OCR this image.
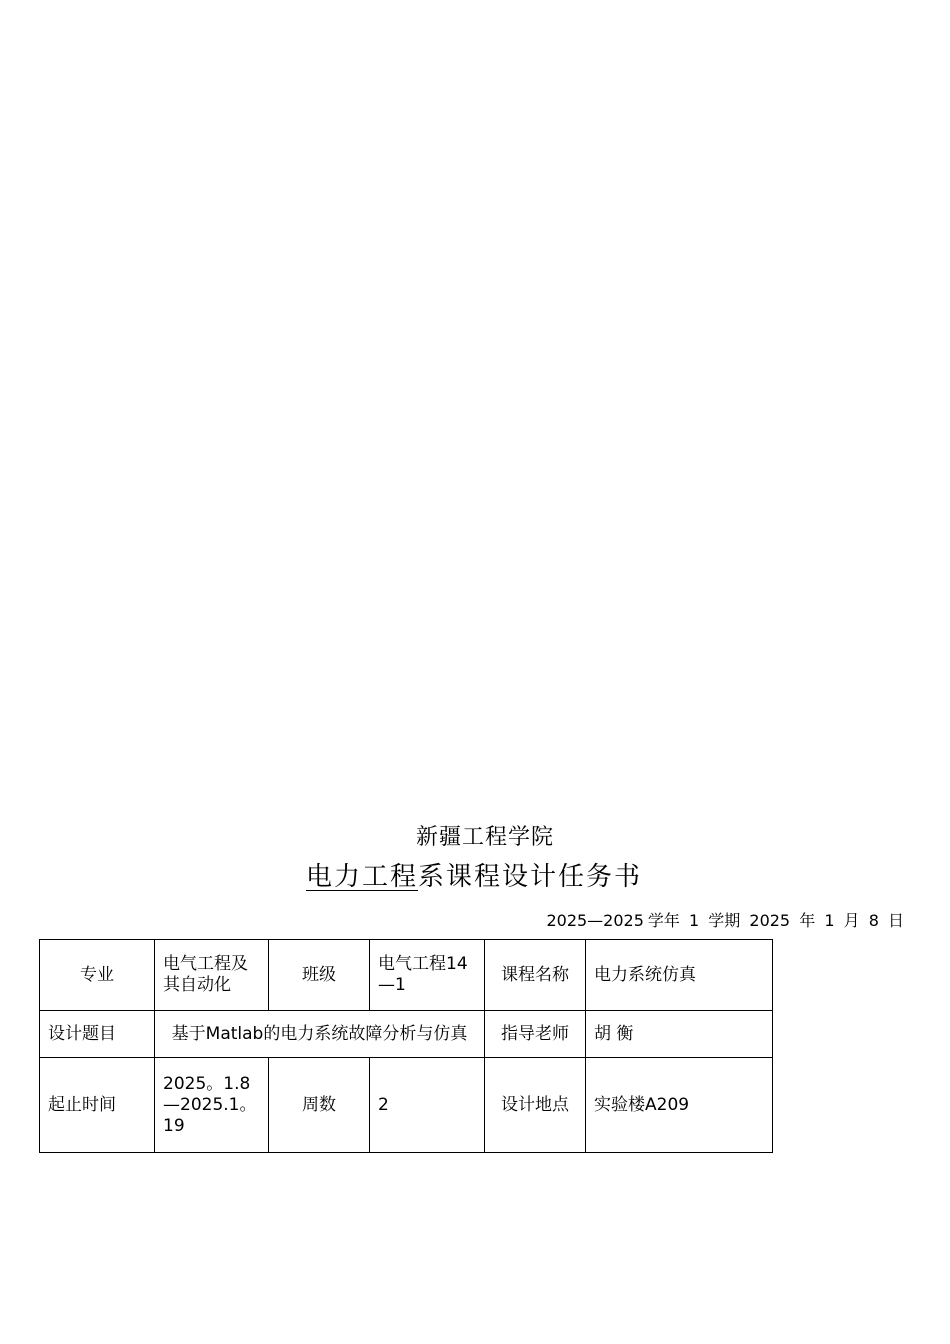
新疆工程学院
电力工程系课程设计任务书
2025—2025 学年 1 学期 2025 年 1 月 8 日
专业	电气工程及其自动化	班级	电气工程14—1	课程名称	电力系统仿真
设计题目	基于Matlab的电力系统故障分析与仿真			指导老师	胡 衡
起止时间	2025。1.8—2025.1。19	周数	2	设计地点	实验楼A209
